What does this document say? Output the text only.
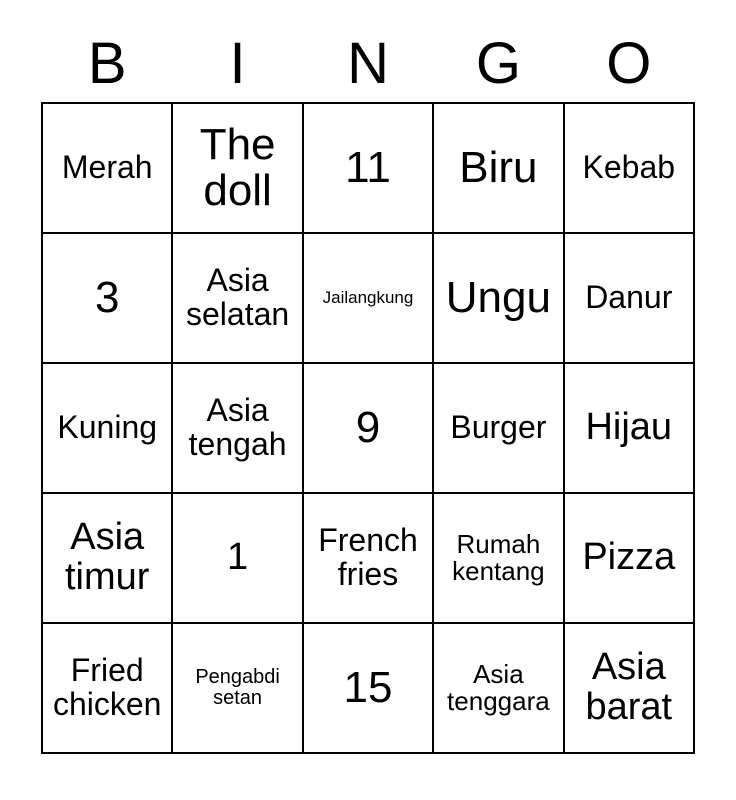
B	I	N	G	O
Merah	The doll	11	Biru	Kebab
3	Asia selatan	Jailangkung	Ungu	Danur
Kuning	Asia tengah	9	Burger	Hijau
Asia timur	1	French fries	Rumah kentang	Pizza
Fried chicken	Pengabdi setan	15	Asia tenggara	Asia barat
